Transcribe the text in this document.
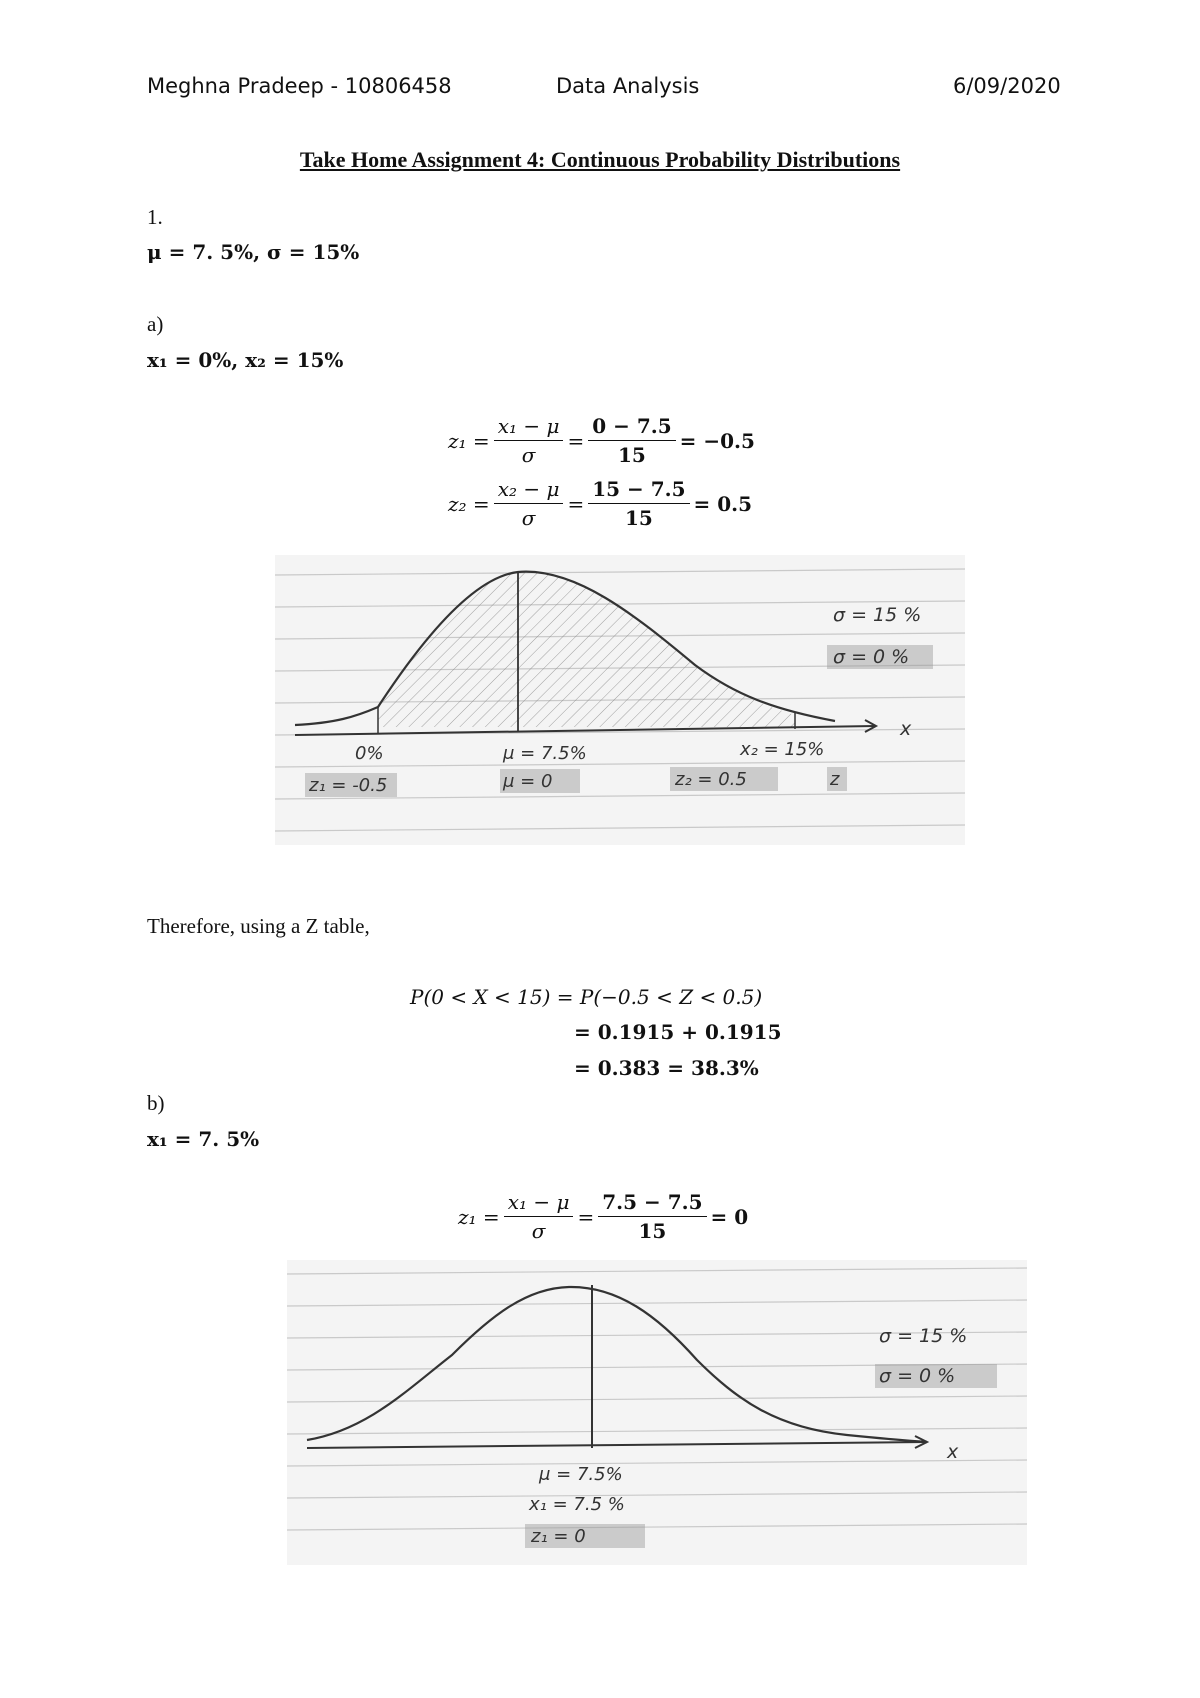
Meghna Pradeep - 10806458	Data Analysis	6/09/2020
Take Home Assignment 4: Continuous Probability Distributions
1.
μ = 7. 5%, σ = 15%
a)
x₁ = 0%, x₂ = 15%
z₁
= $\frac{\text{x₁ − μ}}{\sigma} = \frac{0 - 7.5}{15} = -0.5$
z₂
= $\frac{\text{x₂ − μ}}{\sigma} = \frac{15 - 7.5}{15} = 0.5$
σ = 15 %
σ = 0 %
x
0%	μ = 7.5%	x₂ = 15%
z₁ = -0.5	μ = 0	z₂ = 0.5	z
Therefore, using a Z table,
P(0 < X < 15) = P(−0.5 < Z < 0.5)
= 0.1915 + 0.1915
= 0.383 = 38.3%
b)
x₁ = 7. 5%
z₁
= $\frac{\text{x₁ − μ}}{\sigma} = \frac{7.5 - 7.5}{15} = 0$
σ = 15 %
σ = 0 %
x
μ = 7.5%
x₁ = 7.5 %
z₁ = 0
